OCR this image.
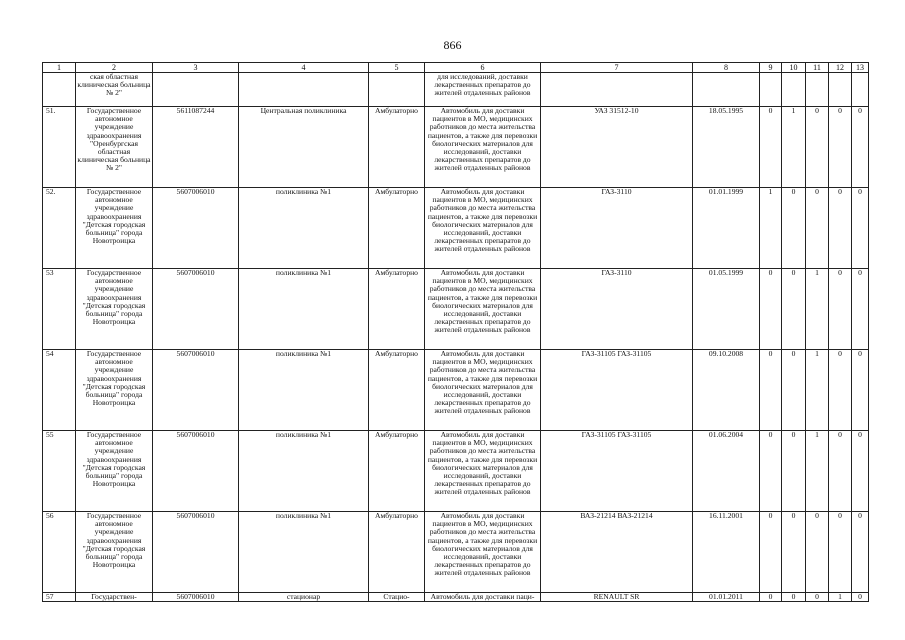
866
1	2	3	4	5	6	7	8	9	10	11	12	13
	ская областная клиническая больница № 2"				для исследований, доставки лекарственных препаратов до жителей отдаленных районов							
51.	Государственное автономное учреждение здравоохранения "Оренбургская областная клиническая больница № 2"	5611087244	Центральная поликлиника	Амбулаторно	Автомобиль для доставки пациентов в МО, медицинских работников до места жительства пациентов, а также для перевозки биологических материалов для исследований, доставки лекарственных препаратов до жителей отдаленных районов	УАЗ 31512-10	18.05.1995	0	1	0	0	0
52.	Государственное автономное учреждение здравоохранения "Детская городская больница" города Новотроицка	5607006010	поликлиника №1	Амбулаторно	Автомобиль для доставки пациентов в МО, медицинских работников до места жительства пациентов, а также для перевозки биологических материалов для исследований, доставки лекарственных препаратов до жителей отдаленных районов	ГАЗ-3110	01.01.1999	1	0	0	0	0
53	Государственное автономное учреждение здравоохранения "Детская городская больница" города Новотроицка	5607006010	поликлиника №1	Амбулаторно	Автомобиль для доставки пациентов в МО, медицинских работников до места жительства пациентов, а также для перевозки биологических материалов для исследований, доставки лекарственных препаратов до жителей отдаленных районов	ГАЗ-3110	01.05.1999	0	0	1	0	0
54	Государственное автономное учреждение здравоохранения "Детская городская больница" города Новотроицка	5607006010	поликлиника №1	Амбулаторно	Автомобиль для доставки пациентов в МО, медицинских работников до места жительства пациентов, а также для перевозки биологических материалов для исследований, доставки лекарственных препаратов до жителей отдаленных районов	ГАЗ-31105 ГАЗ-31105	09.10.2008	0	0	1	0	0
55	Государственное автономное учреждение здравоохранения "Детская городская больница" города Новотроицка	5607006010	поликлиника №1	Амбулаторно	Автомобиль для доставки пациентов в МО, медицинских работников до места жительства пациентов, а также для перевозки биологических материалов для исследований, доставки лекарственных препаратов до жителей отдаленных районов	ГАЗ-31105 ГАЗ-31105	01.06.2004	0	0	1	0	0
56	Государственное автономное учреждение здравоохранения "Детская городская больница" города Новотроицка	5607006010	поликлиника №1	Амбулаторно	Автомобиль для доставки пациентов в МО, медицинских работников до места жительства пациентов, а также для перевозки биологических материалов для исследований, доставки лекарственных препаратов до жителей отдаленных районов	ВАЗ-21214 ВАЗ-21214	16.11.2001	0	0	0	0	0
57	Государствен-	5607006010	стационар	Стацио-	Автомобиль для доставки паци-	RENAULT SR	01.01.2011	0	0	0	1	0
